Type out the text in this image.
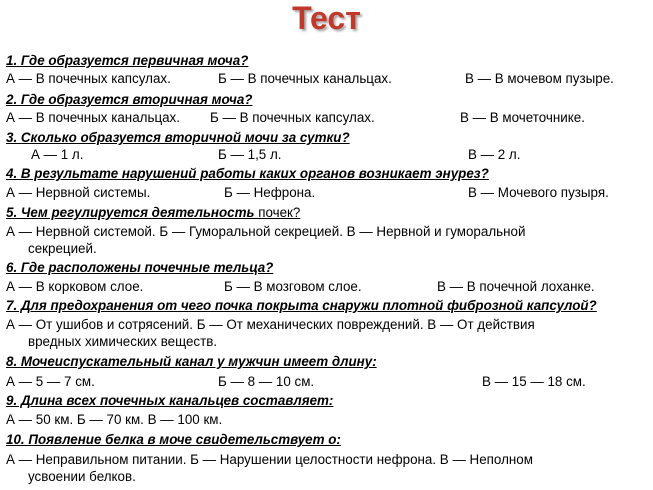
Тест
1. Где образуется первичная моча?
А — В почечных капсулах.	Б — В почечных канальцах.	В — В мочевом пузыре.
2. Где образуется вторичная моча?
А — В почечных канальцах. Б — В почечных капсулах.	В — В мочеточнике.
3. Сколько образуется вторичной мочи за сутки?
А — 1 л.	Б — 1,5 л.	В — 2 л.
4. В результате нарушений работы каких органов возникает энурез?
А — Нервной системы.	Б — Нефрона.	В — Мочевого пузыря.
5. Чем регулируется деятельность почек?
А — Нервной системой. Б — Гуморальной секрецией. В — Нервной и гуморальной
секрецией.
6. Где расположены почечные тельца?
А — В корковом слое.	Б — В мозговом слое.	В — В почечной лоханке.
7. Для предохранения от чего почка покрыта снаружи плотной фиброзной капсулой?
А — От ушибов и сотрясений. Б — От механических повреждений. В — От действия
вредных химических веществ.
8. Мочеиспускательный канал у мужчин имеет длину:
А — 5 — 7 см.	Б — 8 — 10 см.	В — 15 — 18 см.
9. Длина всех почечных канальцев составляет:
А — 50 км. Б — 70 км. В — 100 км.
10. Появление белка в моче свидетельствует о:
А — Неправильном питании. Б — Нарушении целостности нефрона. В — Неполном
усвоении белков.
